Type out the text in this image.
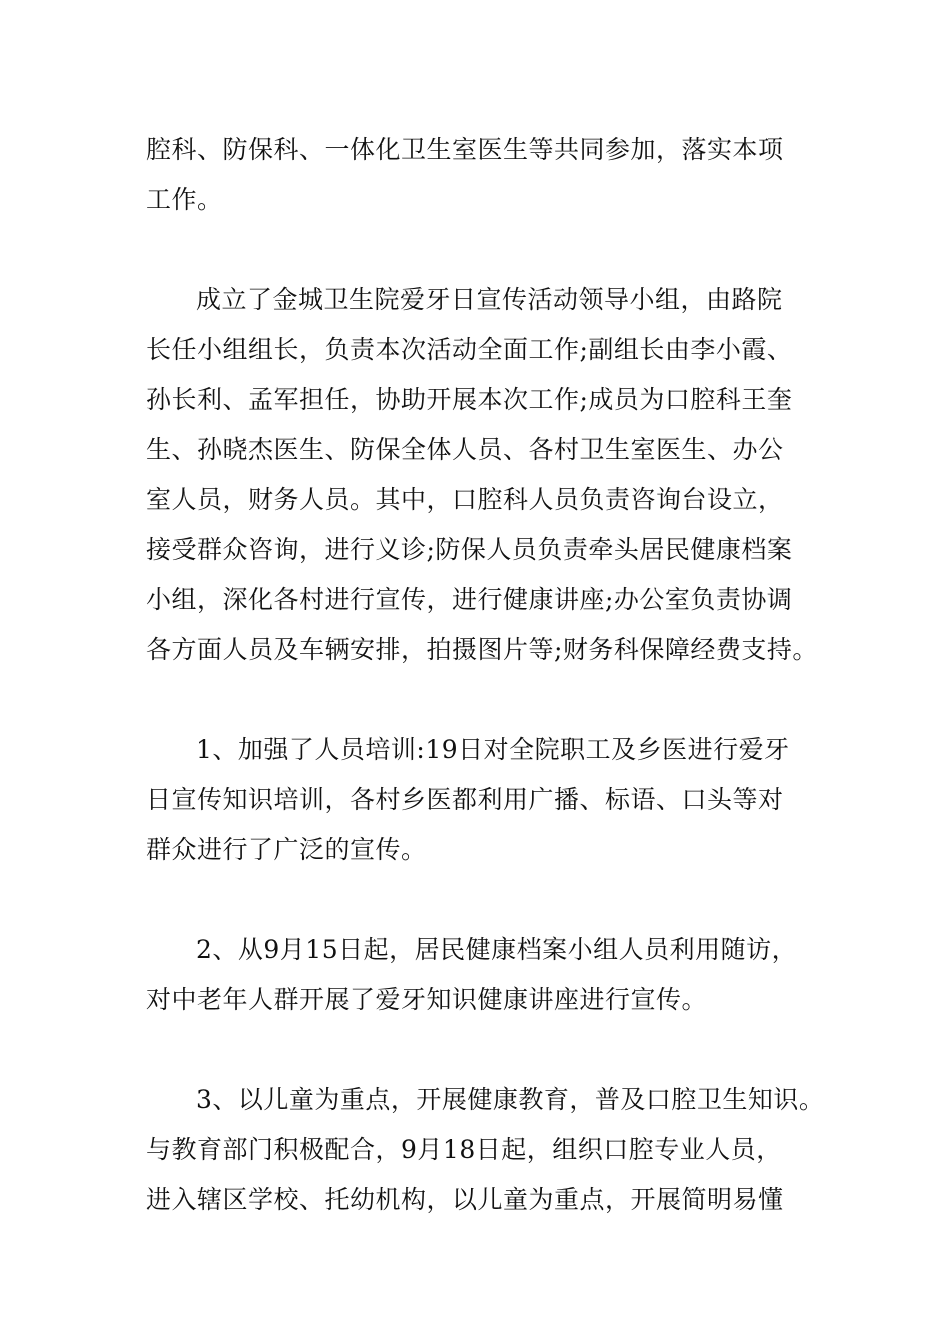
腔科、防保科、一体化卫生室医生等共同参加，落实本项

工作。

成立了金城卫生院爱牙日宣传活动领导小组，由路院

长任小组组长，负责本次活动全面工作;副组长由李小霞、

孙长利、孟军担任，协助开展本次工作;成员为口腔科王奎

生、孙晓杰医生、防保全体人员、各村卫生室医生、办公

室人员，财务人员。其中，口腔科人员负责咨询台设立，

接受群众咨询，进行义诊;防保人员负责牵头居民健康档案

小组，深化各村进行宣传，进行健康讲座;办公室负责协调

各方面人员及车辆安排，拍摄图片等;财务科保障经费支持。

1、加强了人员培训:19日对全院职工及乡医进行爱牙

日宣传知识培训，各村乡医都利用广播、标语、口头等对

群众进行了广泛的宣传。

2、从9月15日起，居民健康档案小组人员利用随访，

对中老年人群开展了爱牙知识健康讲座进行宣传。

3、以儿童为重点，开展健康教育，普及口腔卫生知识。

与教育部门积极配合，9月18日起，组织口腔专业人员，

进入辖区学校、托幼机构，以儿童为重点，开展简明易懂
